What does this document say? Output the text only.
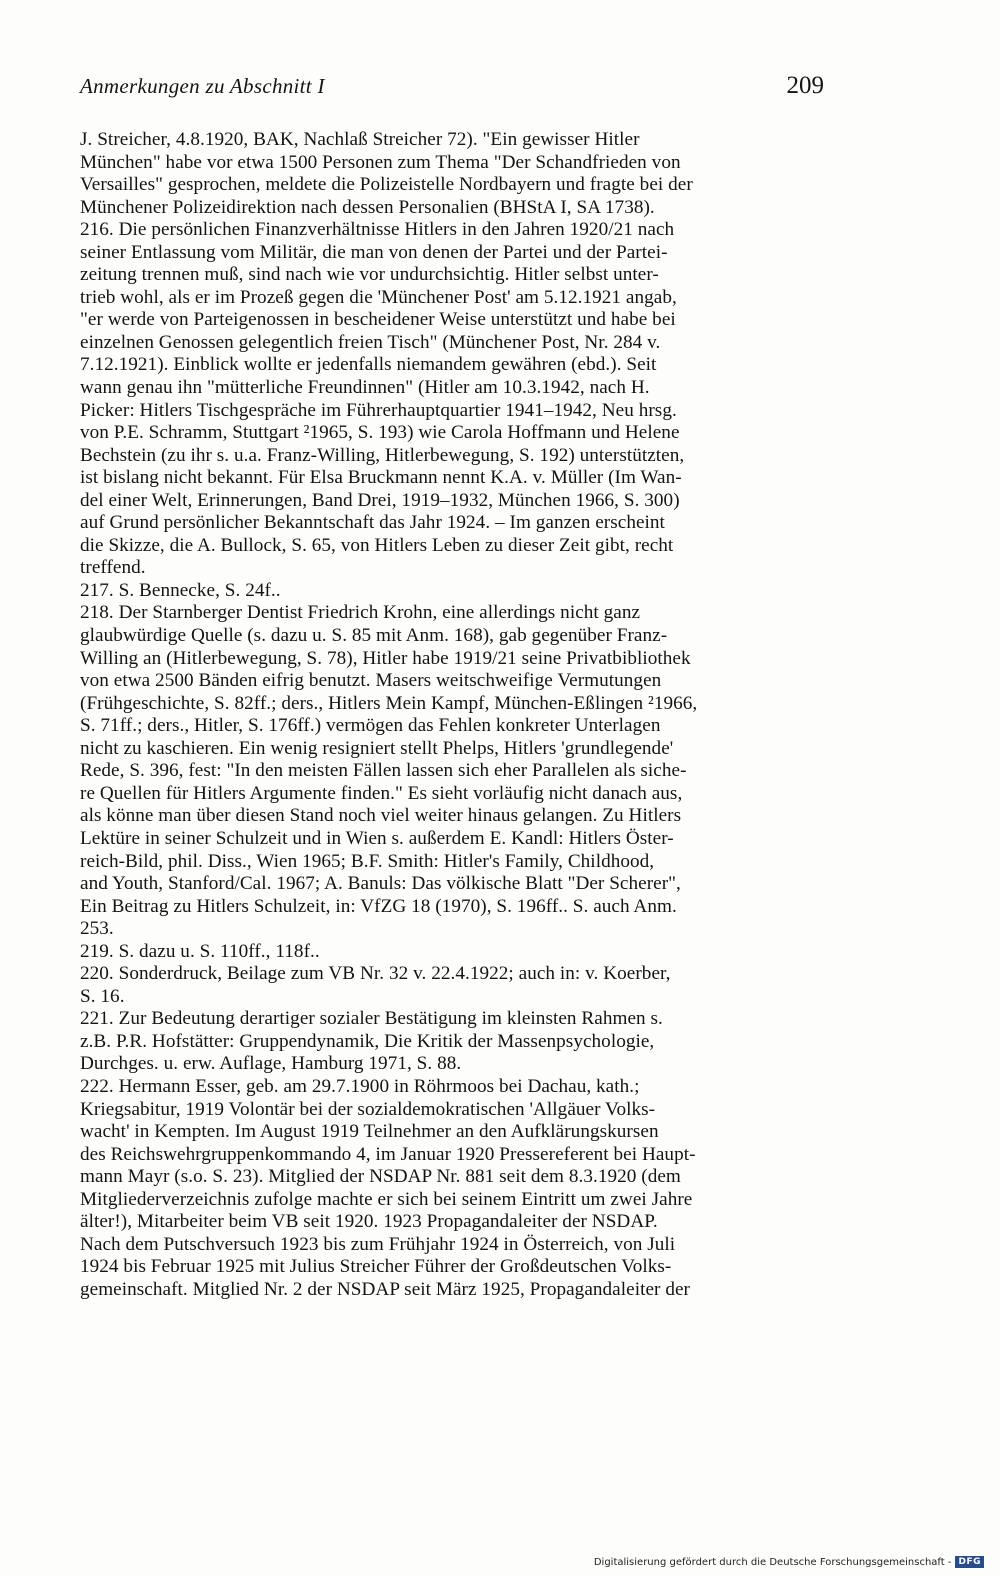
Anmerkungen zu Abschnitt I	209
J. Streicher, 4.8.1920, BAK, Nachlaß Streicher 72). "Ein gewisser Hitler
München" habe vor etwa 1500 Personen zum Thema "Der Schandfrieden von
Versailles" gesprochen, meldete die Polizeistelle Nordbayern und fragte bei der
Münchener Polizeidirektion nach dessen Personalien (BHStA I, SA 1738).
216. Die persönlichen Finanzverhältnisse Hitlers in den Jahren 1920/21 nach
seiner Entlassung vom Militär, die man von denen der Partei und der Partei-
zeitung trennen muß, sind nach wie vor undurchsichtig. Hitler selbst unter-
trieb wohl, als er im Prozeß gegen die 'Münchener Post' am 5.12.1921 angab,
"er werde von Parteigenossen in bescheidener Weise unterstützt und habe bei
einzelnen Genossen gelegentlich freien Tisch" (Münchener Post, Nr. 284 v.
7.12.1921). Einblick wollte er jedenfalls niemandem gewähren (ebd.). Seit
wann genau ihn "mütterliche Freundinnen" (Hitler am 10.3.1942, nach H.
Picker: Hitlers Tischgespräche im Führerhauptquartier 1941–1942, Neu hrsg.
von P.E. Schramm, Stuttgart ²1965, S. 193) wie Carola Hoffmann und Helene
Bechstein (zu ihr s. u.a. Franz-Willing, Hitlerbewegung, S. 192) unterstützten,
ist bislang nicht bekannt. Für Elsa Bruckmann nennt K.A. v. Müller (Im Wan-
del einer Welt, Erinnerungen, Band Drei, 1919–1932, München 1966, S. 300)
auf Grund persönlicher Bekanntschaft das Jahr 1924. – Im ganzen erscheint
die Skizze, die A. Bullock, S. 65, von Hitlers Leben zu dieser Zeit gibt, recht
treffend.
217. S. Bennecke, S. 24f..
218. Der Starnberger Dentist Friedrich Krohn, eine allerdings nicht ganz
glaubwürdige Quelle (s. dazu u. S. 85 mit Anm. 168), gab gegenüber Franz-
Willing an (Hitlerbewegung, S. 78), Hitler habe 1919/21 seine Privatbibliothek
von etwa 2500 Bänden eifrig benutzt. Masers weitschweifige Vermutungen
(Frühgeschichte, S. 82ff.; ders., Hitlers Mein Kampf, München-Eßlingen ²1966,
S. 71ff.; ders., Hitler, S. 176ff.) vermögen das Fehlen konkreter Unterlagen
nicht zu kaschieren. Ein wenig resigniert stellt Phelps, Hitlers 'grundlegende'
Rede, S. 396, fest: "In den meisten Fällen lassen sich eher Parallelen als siche-
re Quellen für Hitlers Argumente finden." Es sieht vorläufig nicht danach aus,
als könne man über diesen Stand noch viel weiter hinaus gelangen. Zu Hitlers
Lektüre in seiner Schulzeit und in Wien s. außerdem E. Kandl: Hitlers Öster-
reich-Bild, phil. Diss., Wien 1965; B.F. Smith: Hitler's Family, Childhood,
and Youth, Stanford/Cal. 1967; A. Banuls: Das völkische Blatt "Der Scherer",
Ein Beitrag zu Hitlers Schulzeit, in: VfZG 18 (1970), S. 196ff.. S. auch Anm.
253.
219. S. dazu u. S. 110ff., 118f..
220. Sonderdruck, Beilage zum VB Nr. 32 v. 22.4.1922; auch in: v. Koerber,
S. 16.
221. Zur Bedeutung derartiger sozialer Bestätigung im kleinsten Rahmen s.
z.B. P.R. Hofstätter: Gruppendynamik, Die Kritik der Massenpsychologie,
Durchges. u. erw. Auflage, Hamburg 1971, S. 88.
222. Hermann Esser, geb. am 29.7.1900 in Röhrmoos bei Dachau, kath.;
Kriegsabitur, 1919 Volontär bei der sozialdemokratischen 'Allgäuer Volks-
wacht' in Kempten. Im August 1919 Teilnehmer an den Aufklärungskursen
des Reichswehrgruppenkommando 4, im Januar 1920 Pressereferent bei Haupt-
mann Mayr (s.o. S. 23). Mitglied der NSDAP Nr. 881 seit dem 8.3.1920 (dem
Mitgliederverzeichnis zufolge machte er sich bei seinem Eintritt um zwei Jahre
älter!), Mitarbeiter beim VB seit 1920. 1923 Propagandaleiter der NSDAP.
Nach dem Putschversuch 1923 bis zum Frühjahr 1924 in Österreich, von Juli
1924 bis Februar 1925 mit Julius Streicher Führer der Großdeutschen Volks-
gemeinschaft. Mitglied Nr. 2 der NSDAP seit März 1925, Propagandaleiter der
Digitalisierung gefördert durch die Deutsche Forschungsgemeinschaft - DFG
